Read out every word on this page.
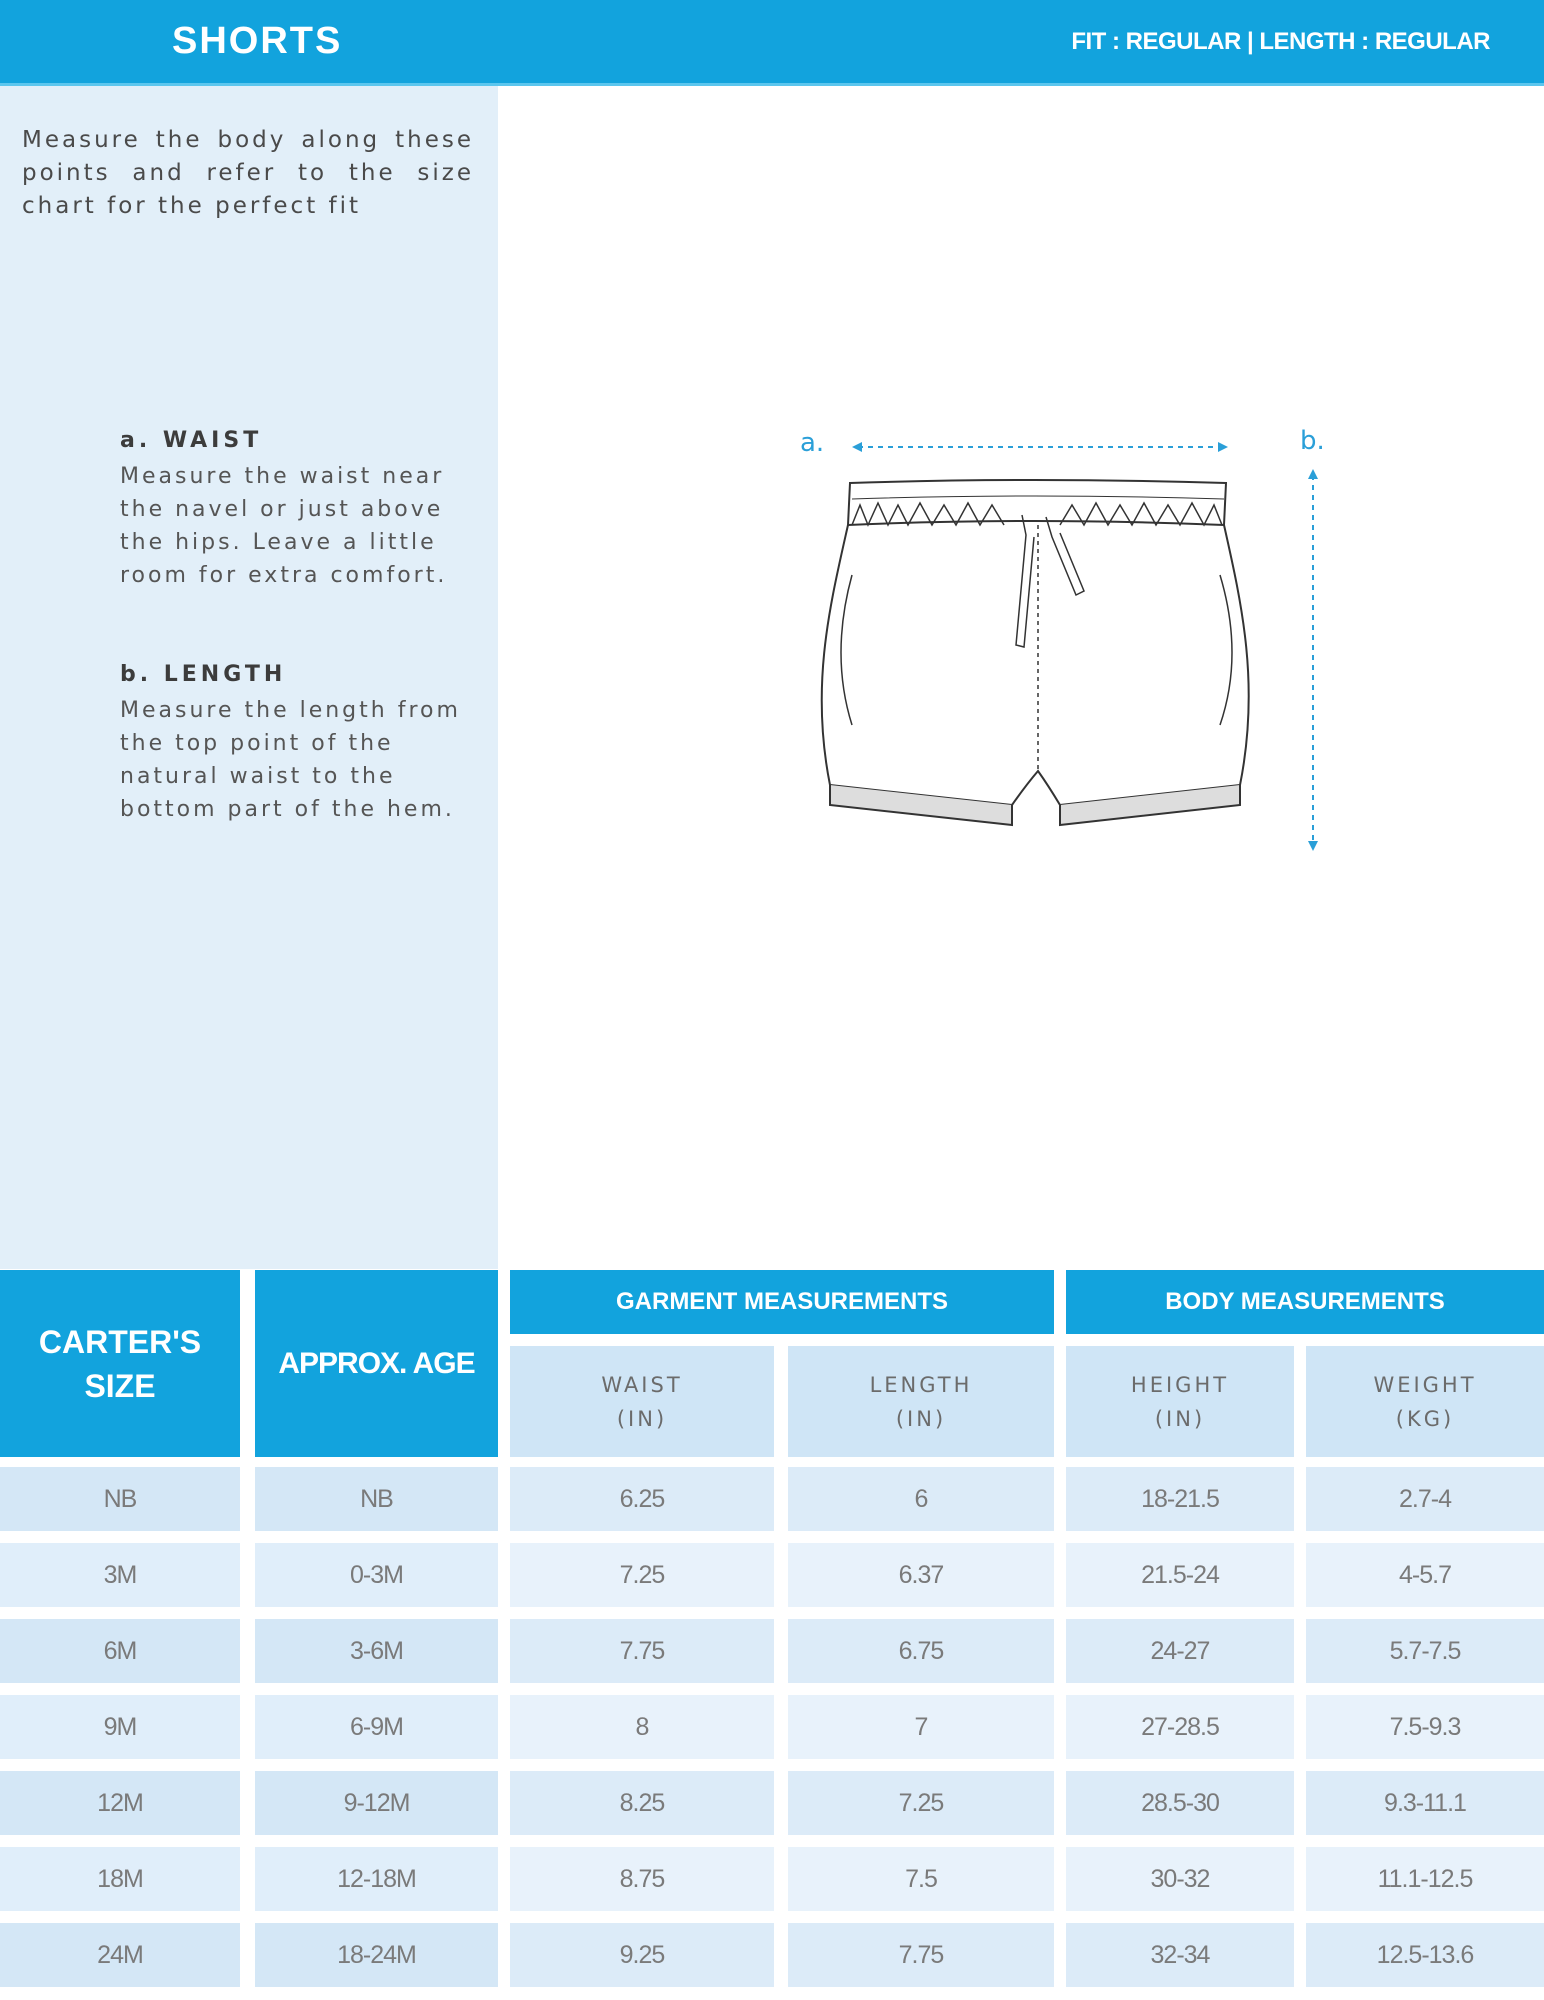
SHORTS	FIT : REGULAR | LENGTH : REGULAR

Measure the body along these points and refer to the size chart for the perfect fit

a. WAIST

Measure the waist near the navel or just above the hips. Leave a little room for extra comfort.

b. LENGTH

Measure the length from the top point of the natural waist to the bottom part of the hem.

a.	b.
CARTER'S SIZE
APPROX. AGE
GARMENT MEASUREMENTS	BODY MEASUREMENTS
WAIST (IN)
LENGTH (IN)
HEIGHT (IN)
WEIGHT (KG)
NB	NB	6.25	6	18-21.5	2.7-4
3M	0-3M	7.25	6.37	21.5-24	4-5.7
6M	3-6M	7.75	6.75	24-27	5.7-7.5
9M	6-9M	8	7	27-28.5	7.5-9.3
12M	9-12M	8.25	7.25	28.5-30	9.3-11.1
18M	12-18M	8.75	7.5	30-32	11.1-12.5
24M	18-24M	9.25	7.75	32-34	12.5-13.6
